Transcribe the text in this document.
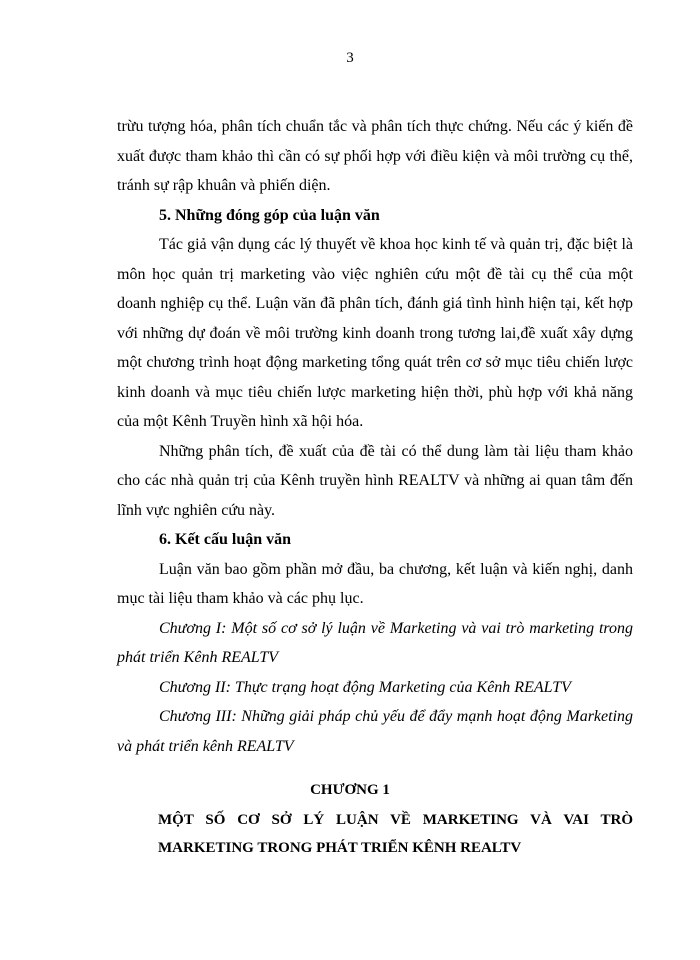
3

trừu tượng hóa, phân tích chuẩn tắc và phân tích thực chứng. Nếu các ý kiến đề xuất được tham khảo thì cần có sự phối hợp với điều kiện và môi trường cụ thể, tránh sự rập khuân và phiến diện.

5. Những đóng góp của luận văn

Tác giả vận dụng các lý thuyết về khoa học kinh tế và quản trị, đặc biệt là môn học quản trị marketing vào việc nghiên cứu một đề tài cụ thể của một doanh nghiệp cụ thể. Luận văn đã phân tích, đánh giá tình hình hiện tại, kết hợp với những dự đoán về môi trường kinh doanh trong tương lai,đề xuất xây dựng một chương trình hoạt động marketing tổng quát trên cơ sở mục tiêu chiến lược kinh doanh và mục tiêu chiến lược marketing hiện thời, phù hợp với khả năng của một Kênh Truyền hình xã hội hóa.

Những phân tích, đề xuất của đề tài có thể dung làm tài liệu tham khảo cho các nhà quản trị của Kênh truyền hình REALTV và những ai quan tâm đến lĩnh vực nghiên cứu này.

6. Kết cấu luận văn

Luận văn bao gồm phần mở đầu, ba chương, kết luận và kiến nghị, danh mục tài liệu tham khảo và các phụ lục.

Chương I: Một số cơ sở lý luận về Marketing và vai trò marketing trong phát triển Kênh REALTV

Chương II: Thực trạng hoạt động Marketing của Kênh REALTV

Chương III: Những giải pháp chủ yếu để đẩy mạnh hoạt động Marketing và phát triển kênh REALTV

CHƯƠNG 1

MỘT SỐ CƠ SỞ LÝ LUẬN VỀ MARKETING VÀ VAI TRÒ MARKETING TRONG PHÁT TRIỂN KÊNH REALTV
